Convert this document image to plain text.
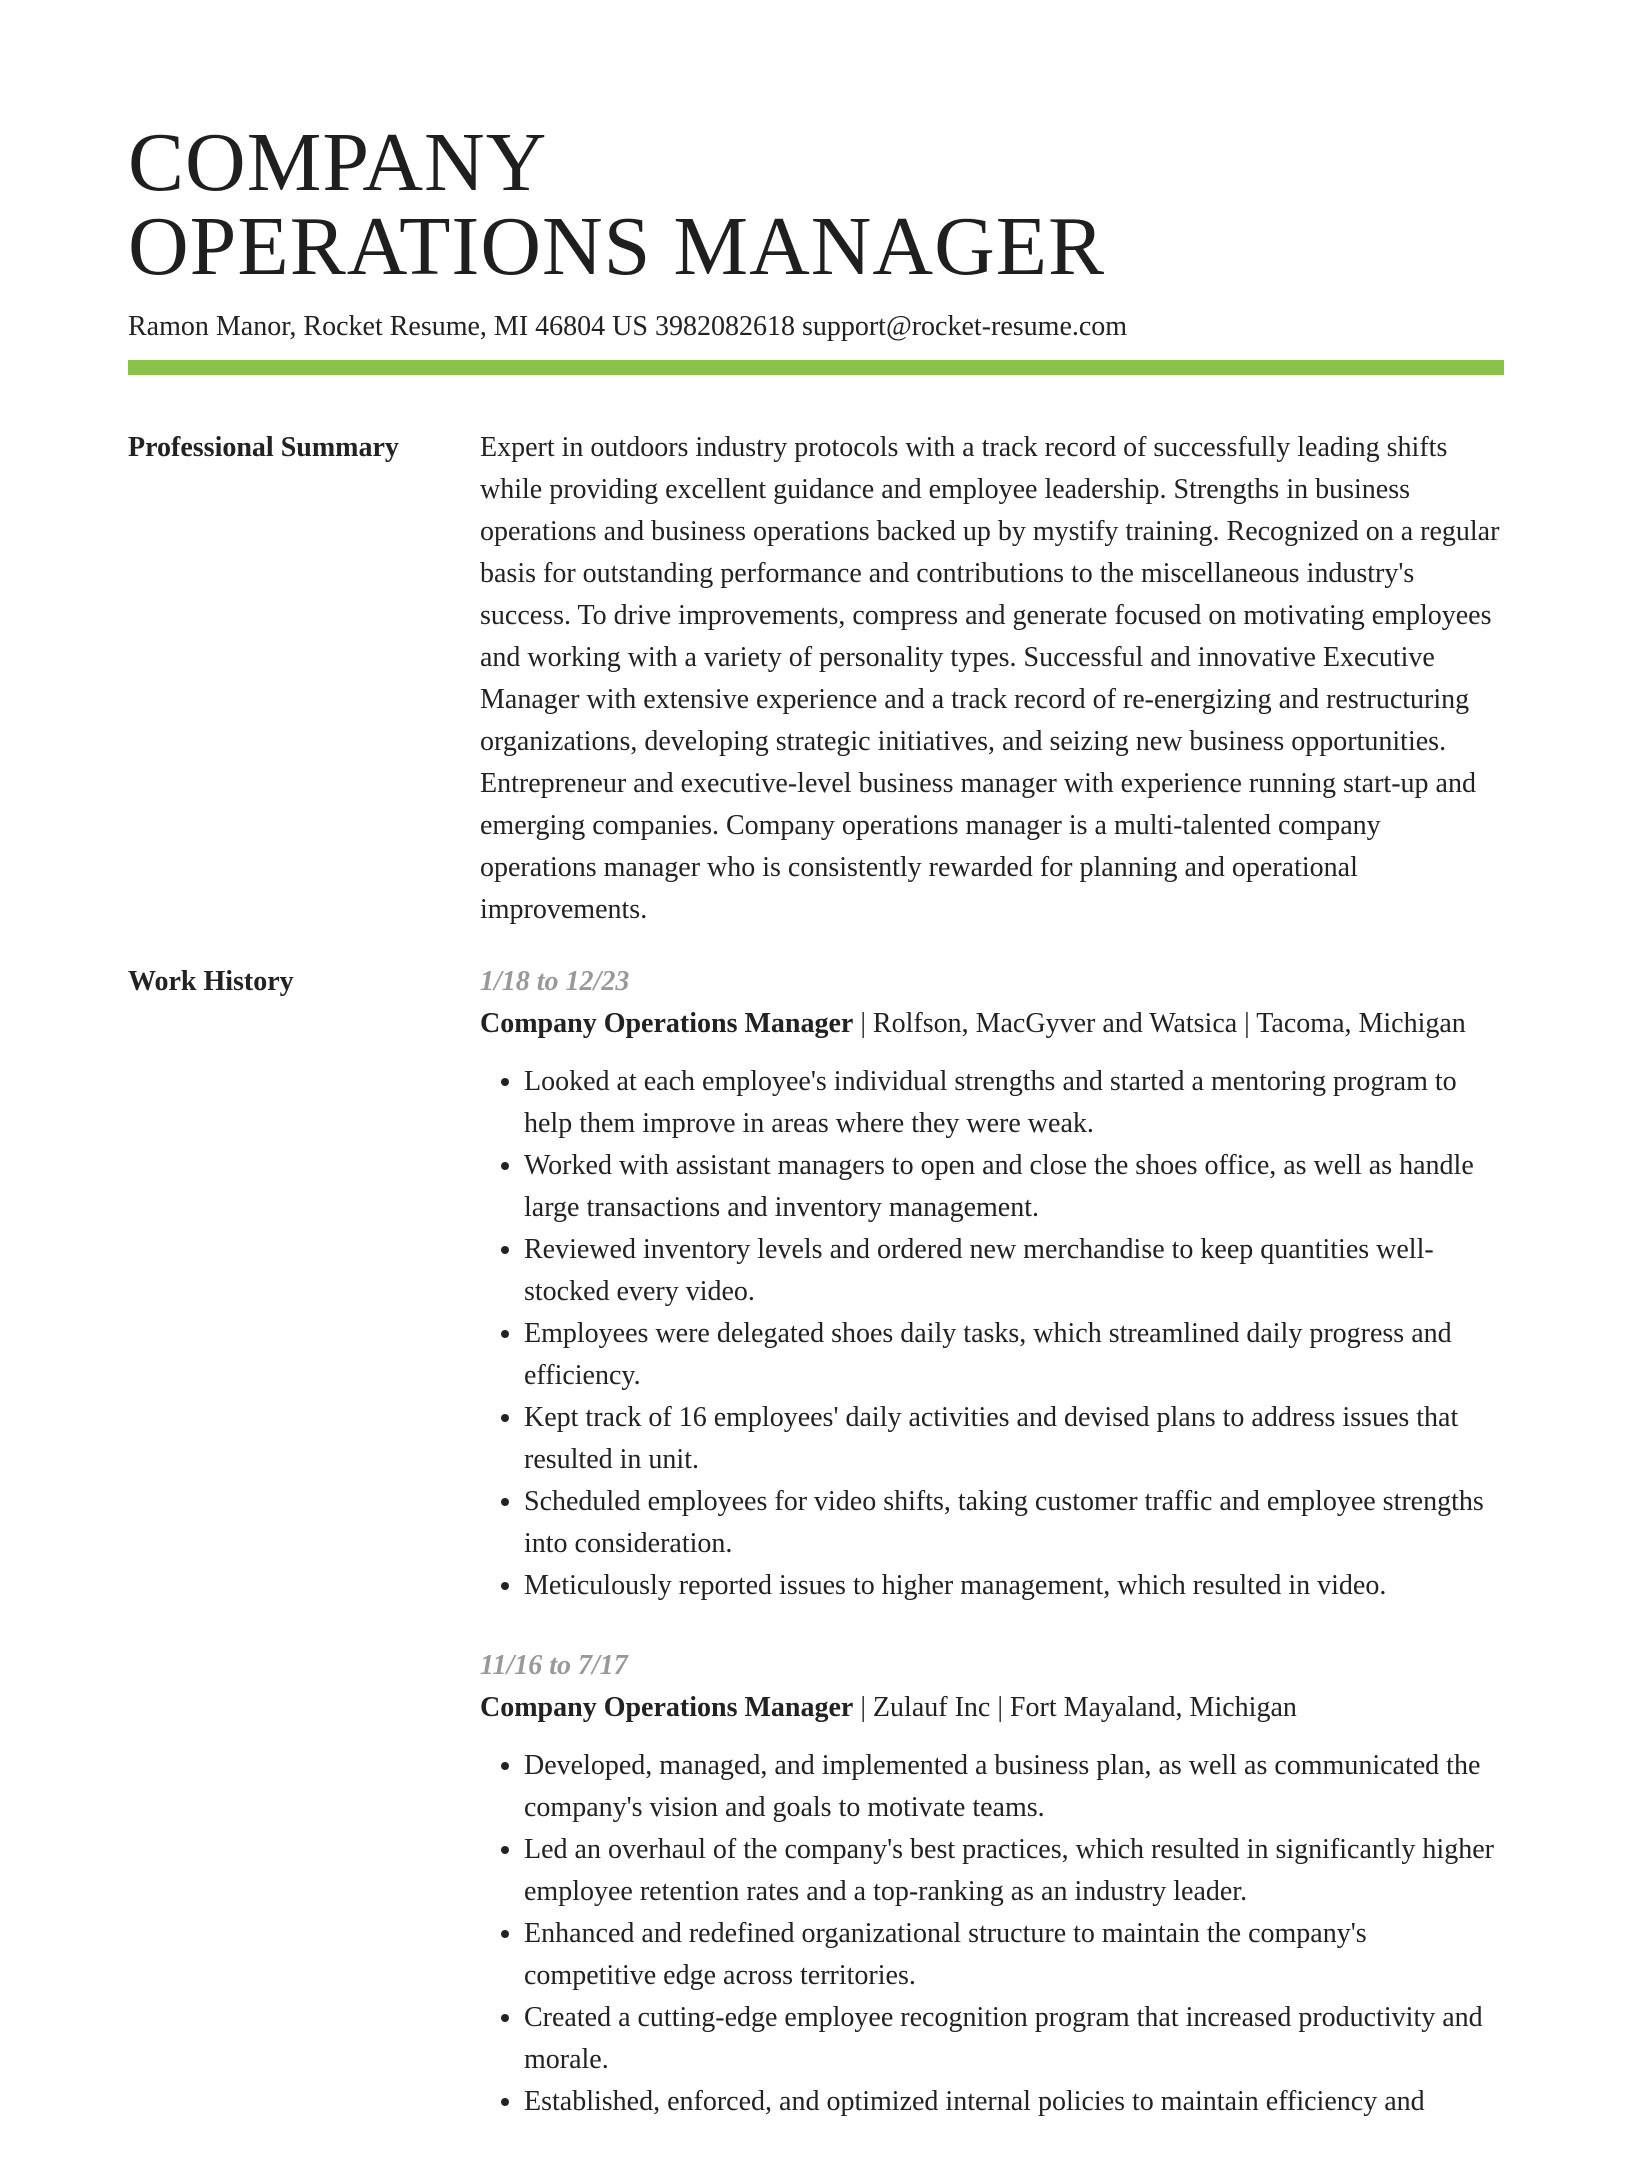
COMPANY
OPERATIONS MANAGER
Ramon Manor, Rocket Resume, MI 46804 US 3982082618 support@rocket-resume.com
Professional Summary	Expert in outdoors industry protocols with a track record of successfully leading shifts while providing excellent guidance and employee leadership. Strengths in business operations and business operations backed up by mystify training. Recognized on a regular basis for outstanding performance and contributions to the miscellaneous industry's success. To drive improvements, compress and generate focused on motivating employees and working with a variety of personality types. Successful and innovative Executive Manager with extensive experience and a track record of re-energizing and restructuring organizations, developing strategic initiatives, and seizing new business opportunities. Entrepreneur and executive-level business manager with experience running start-up and emerging companies. Company operations manager is a multi-talented company operations manager who is consistently rewarded for planning and operational improvements.

Work History	1/18 to 12/23
Company Operations Manager | Rolfson, MacGyver and Watsica | Tacoma, Michigan
• Looked at each employee's individual strengths and started a mentoring program to help them improve in areas where they were weak.
• Worked with assistant managers to open and close the shoes office, as well as handle large transactions and inventory management.
• Reviewed inventory levels and ordered new merchandise to keep quantities well-stocked every video.
• Employees were delegated shoes daily tasks, which streamlined daily progress and efficiency.
• Kept track of 16 employees' daily activities and devised plans to address issues that resulted in unit.
• Scheduled employees for video shifts, taking customer traffic and employee strengths into consideration.
• Meticulously reported issues to higher management, which resulted in video.
11/16 to 7/17
Company Operations Manager | Zulauf Inc | Fort Mayaland, Michigan
• Developed, managed, and implemented a business plan, as well as communicated the company's vision and goals to motivate teams.
• Led an overhaul of the company's best practices, which resulted in significantly higher employee retention rates and a top-ranking as an industry leader.
• Enhanced and redefined organizational structure to maintain the company's competitive edge across territories.
• Created a cutting-edge employee recognition program that increased productivity and morale.
• Established, enforced, and optimized internal policies to maintain efficiency and
